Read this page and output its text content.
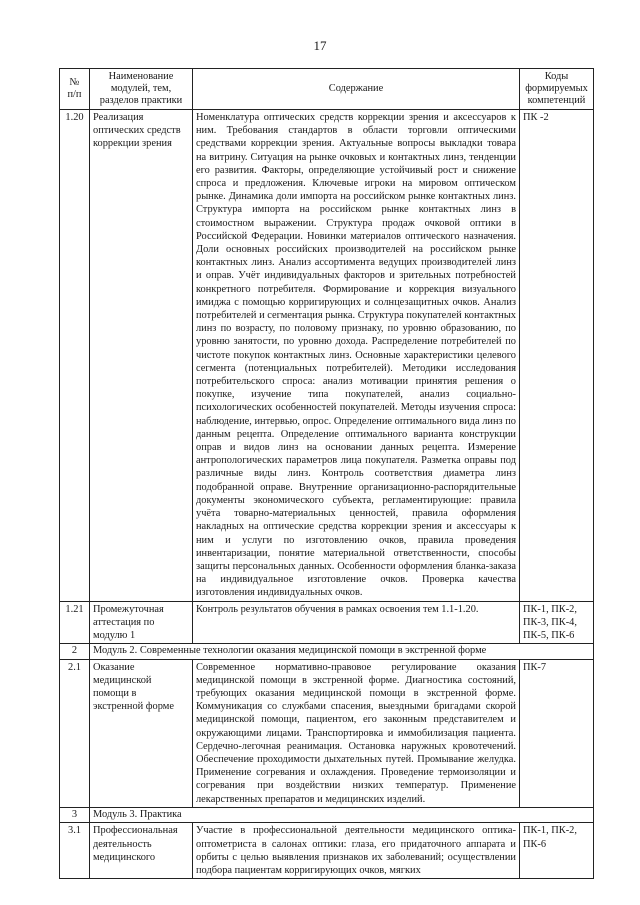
17
№
п/п	Наименование модулей, тем, разделов практики	Содержание	Коды формируемых компетенций
1.20	Реализация оптических средств коррекции зрения	Номенклатура оптических средств коррекции зрения и аксессуаров к ним. Требования стандартов в области торговли оптическими средствами коррекции зрения. Актуальные вопросы выкладки товара на витрину. Ситуация на рынке очковых и контактных линз, тенденции его развития. Факторы, определяющие устойчивый рост и снижение спроса и предложения. Ключевые игроки на мировом оптическом рынке. Динамика доли импорта на российском рынке контактных линз. Структура импорта на российском рынке контактных линз в стоимостном выражении. Структура продаж очковой оптики в Российской Федерации. Новинки материалов оптического назначения. Доли основных российских производителей на российском рынке контактных линз. Анализ ассортимента ведущих производителей линз и оправ. Учёт индивидуальных факторов и зрительных потребностей конкретного потребителя. Формирование и коррекция визуального имиджа с помощью корригирующих и солнцезащитных очков. Анализ потребителей и сегментация рынка. Структура покупателей контактных линз по возрасту, по половому признаку, по уровню образованию, по уровню занятости, по уровню дохода. Распределение потребителей по чистоте покупок контактных линз. Основные характеристики целевого сегмента (потенциальных потребителей). Методики исследования потребительского спроса: анализ мотивации принятия решения о покупке, изучение типа покупателей, анализ социально-психологических особенностей покупателей. Методы изучения спроса: наблюдение, интервью, опрос. Определение оптимального вида линз по данным рецепта. Определение оптимального варианта конструкции оправ и видов линз на основании данных рецепта. Измерение антропологических параметров лица покупателя. Разметка оправы под различные виды линз. Контроль соответствия диаметра линз подобранной оправе. Внутренние организационно-распорядительные документы экономического субъекта, регламентирующие: правила учёта товарно-материальных ценностей, правила оформления накладных на оптические средства коррекции зрения и аксессуары к ним и услуги по изготовлению очков, правила проведения инвентаризации, понятие материальной ответственности, способы защиты персональных данных. Особенности оформления бланка-заказа на индивидуальное изготовление очков. Проверка качества изготовления индивидуальных очков.	ПК -2
1.21	Промежуточная аттестация по модулю 1	Контроль результатов обучения в рамках освоения тем 1.1-1.20.	ПК-1, ПК-2, ПК-3, ПК-4, ПК-5, ПК-6
2	Модуль 2. Современные технологии оказания медицинской помощи в экстренной форме		
2.1	Оказание медицинской помощи в экстренной форме	Современное нормативно-правовое регулирование оказания медицинской помощи в экстренной форме. Диагностика состояний, требующих оказания медицинской помощи в экстренной форме. Коммуникация со службами спасения, выездными бригадами скорой медицинской помощи, пациентом, его законным представителем и окружающими лицами. Транспортировка и иммобилизация пациента. Сердечно-легочная реанимация. Остановка наружных кровотечений. Обеспечение проходимости дыхательных путей. Промывание желудка. Применение согревания и охлаждения. Проведение термоизоляции и согревания при воздействии низких температур. Применение лекарственных препаратов и медицинских изделий.	ПК-7
3	Модуль 3. Практика		
3.1	Профессиональная деятельность медицинского	Участие в профессиональной деятельности медицинского оптика-оптометриста в салонах оптики: глаза, его придаточного аппарата и орбиты с целью выявления признаков их заболеваний; осуществлении подбора пациентам корригирующих очков, мягких	ПК-1, ПК-2, ПК-6
